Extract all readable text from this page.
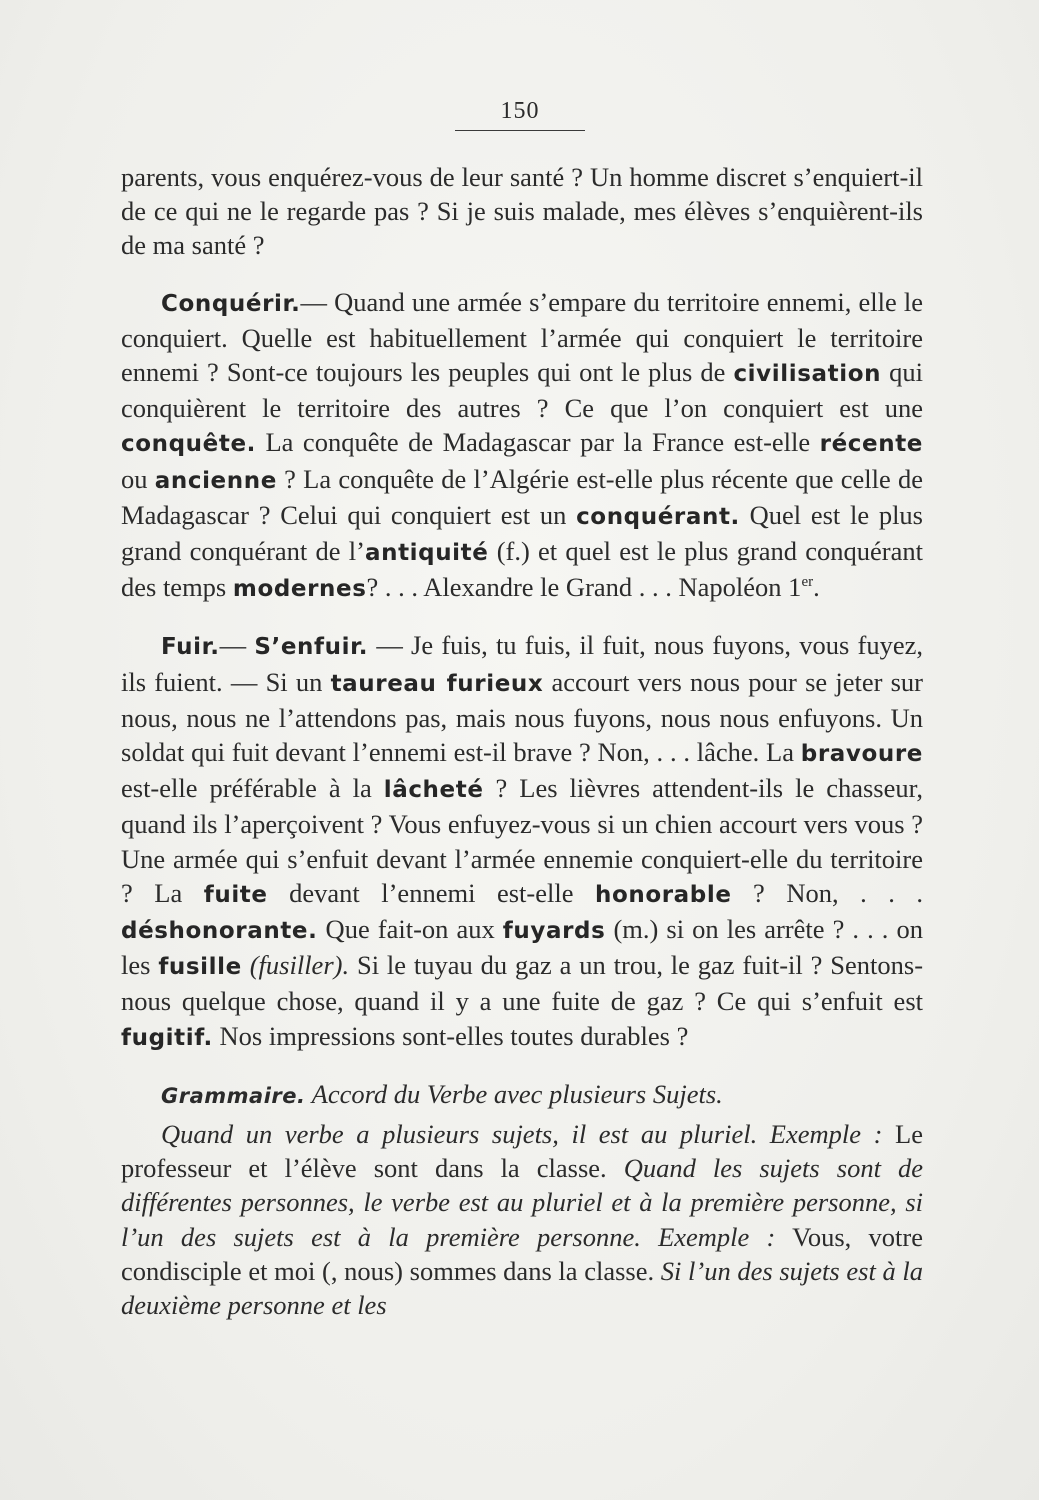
150

parents, vous enquérez-vous de leur santé ? Un homme discret s’enquiert-il de ce qui ne le regarde pas ? Si je suis malade, mes élèves s’enquièrent-ils de ma santé ?

Conquérir.— Quand une armée s’empare du territoire ennemi, elle le conquiert. Quelle est habituellement l’armée qui conquiert le territoire ennemi ? Sont-ce toujours les peuples qui ont le plus de civilisation qui conquièrent le territoire des autres ? Ce que l’on conquiert est une conquête. La conquête de Madagascar par la France est-elle récente ou ancienne ? La conquête de l’Algérie est-elle plus récente que celle de Madagascar ? Celui qui conquiert est un conquérant. Quel est le plus grand conquérant de l’antiquité (f.) et quel est le plus grand conquérant des temps modernes? . . . Alexandre le Grand . . . Napoléon 1er.

Fuir.— S’enfuir. — Je fuis, tu fuis, il fuit, nous fuyons, vous fuyez, ils fuient. — Si un taureau furieux accourt vers nous pour se jeter sur nous, nous ne l’attendons pas, mais nous fuyons, nous nous enfuyons. Un soldat qui fuit devant l’ennemi est-il brave ? Non, . . . lâche. La bravoure est-elle préférable à la lâcheté ? Les lièvres attendent-ils le chasseur, quand ils l’aperçoivent ? Vous enfuyez-vous si un chien accourt vers vous ? Une armée qui s’enfuit devant l’armée ennemie conquiert-elle du territoire ? La fuite devant l’ennemi est-elle honorable ? Non, . . . déshonorante. Que fait-on aux fuyards (m.) si on les arrête ? . . . on les fusille (fusiller). Si le tuyau du gaz a un trou, le gaz fuit-il ? Sentons-nous quelque chose, quand il y a une fuite de gaz ? Ce qui s’enfuit est fugitif. Nos impressions sont-elles toutes durables ?

Grammaire. Accord du Verbe avec plusieurs Sujets.

Quand un verbe a plusieurs sujets, il est au pluriel. Exemple : Le professeur et l’élève sont dans la classe. Quand les sujets sont de différentes personnes, le verbe est au pluriel et à la première personne, si l’un des sujets est à la première personne. Exemple : Vous, votre condisciple et moi (, nous) sommes dans la classe. Si l’un des sujets est à la deuxième personne et les
